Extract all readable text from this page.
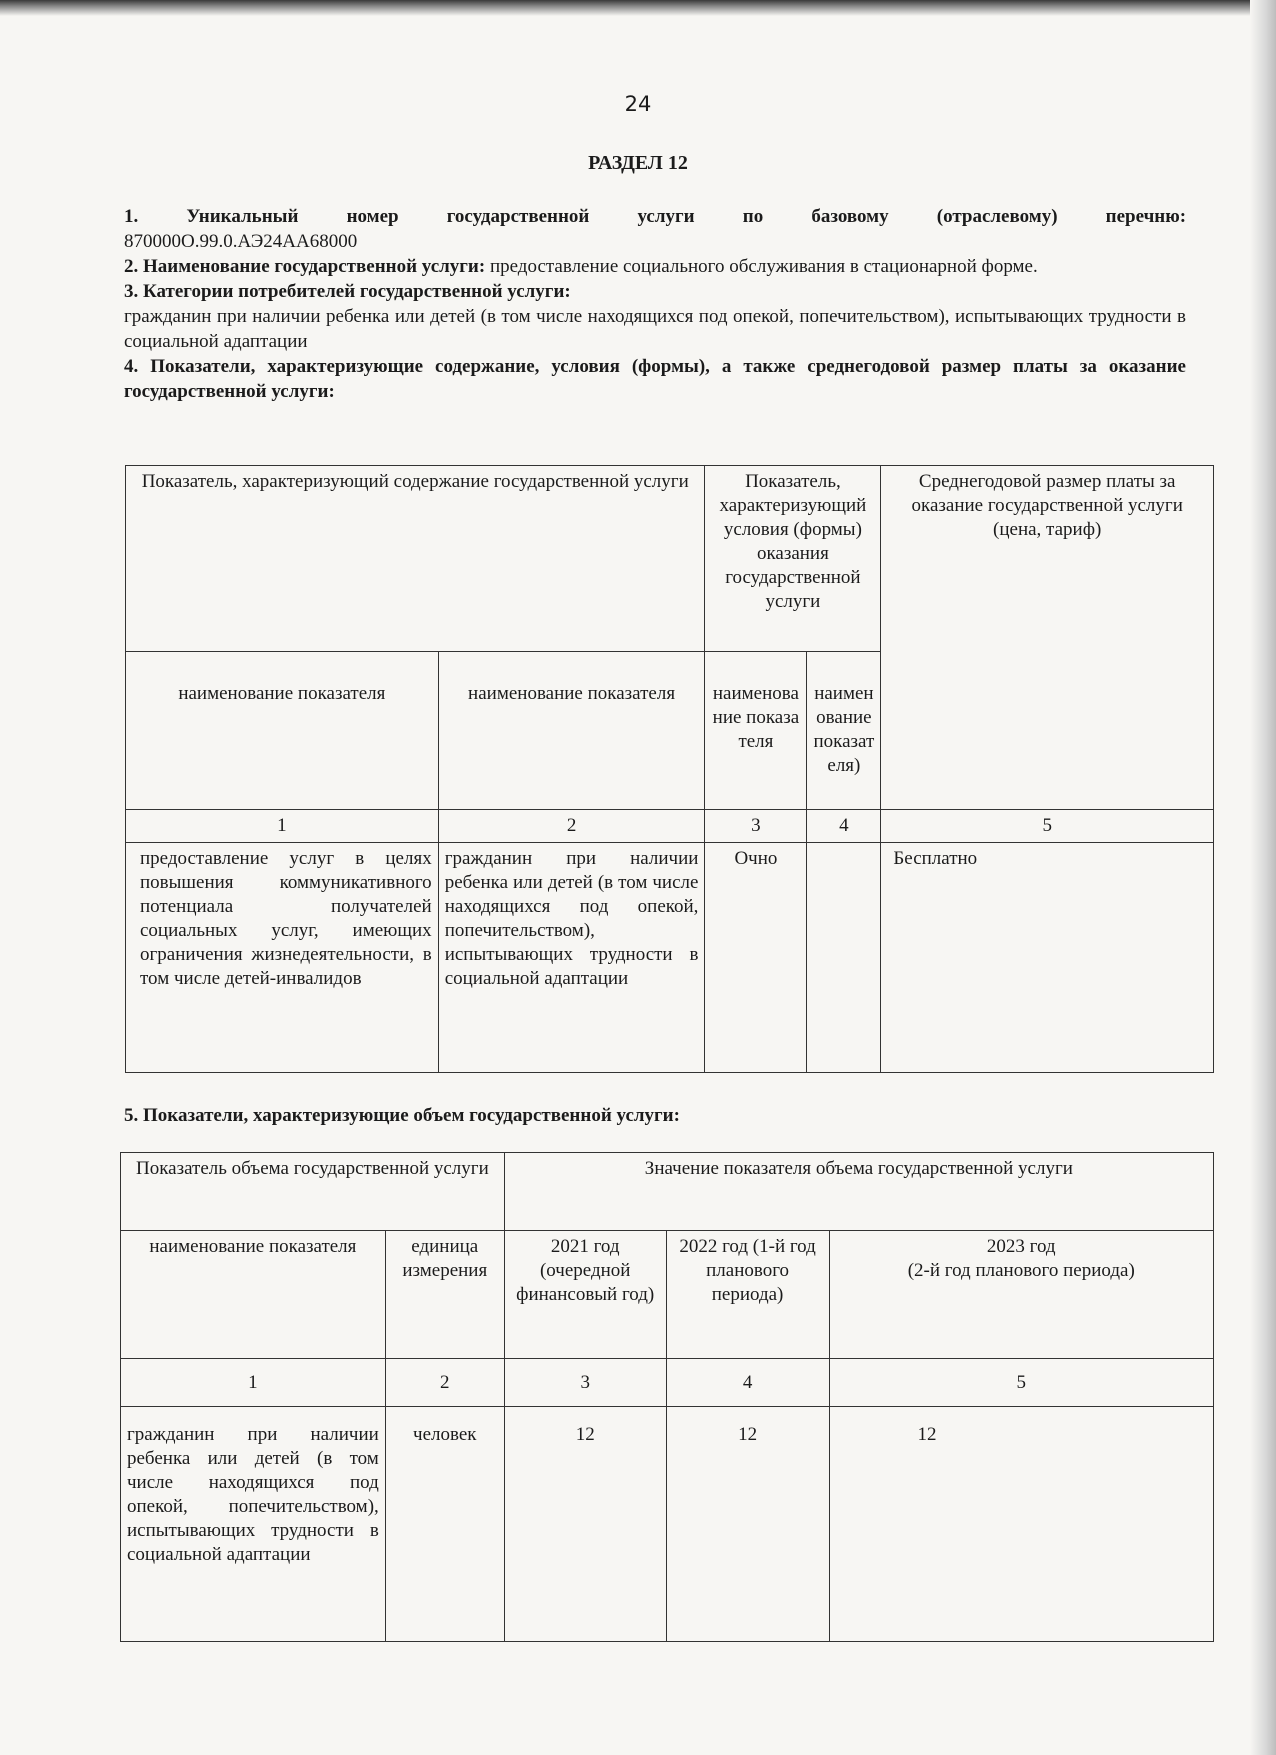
24
РАЗДЕЛ 12

1.	Уникальный	номер	государственной	услуги	по	базовому	(отраслевому)	перечню:

870000О.99.0.АЭ24АА68000

2. Наименование государственной услуги: предоставление социального обслуживания в стационарной форме.

3. Категории потребителей государственной услуги:

гражданин при наличии ребенка или детей (в том числе находящихся под опекой, попечительством), испытывающих трудности в социальной адаптации

4. Показатели, характеризующие содержание, условия (формы), а также среднегодовой размер платы за оказание государственной услуги:

Показатель, характеризующий содержание государственной услуги		Показатель, характеризующий условия (формы) оказания государственной услуги		Среднегодовой размер платы за оказание государственной услуги (цена, тариф)
наименование показателя	наименование показателя	наименование показателя	наименование показателя)	
1	2	3	4	5
предоставление услуг в целях повышения коммуникативного потенциала получателей социальных услуг, имеющих ограничения жизнедеятельности, в том числе детей-инвалидов	гражданин при наличии ребенка или детей (в том числе находящихся под опекой, попечительством), испытывающих трудности в социальной адаптации	Очно		Бесплатно
5. Показатели, характеризующие объем государственной услуги:
Показатель объема государственной услуги		Значение показателя объема государственной услуги		
наименование показателя	единица измерения	2021 год (очередной финансовый год)	2022 год (1-й год планового периода)	2023 год
(2-й год планового периода)

1	2	3	4	5
гражданин при наличии ребенка или детей (в том числе находящихся под опекой, попечительством), испытывающих трудности в социальной адаптации	человек	12	12	12
